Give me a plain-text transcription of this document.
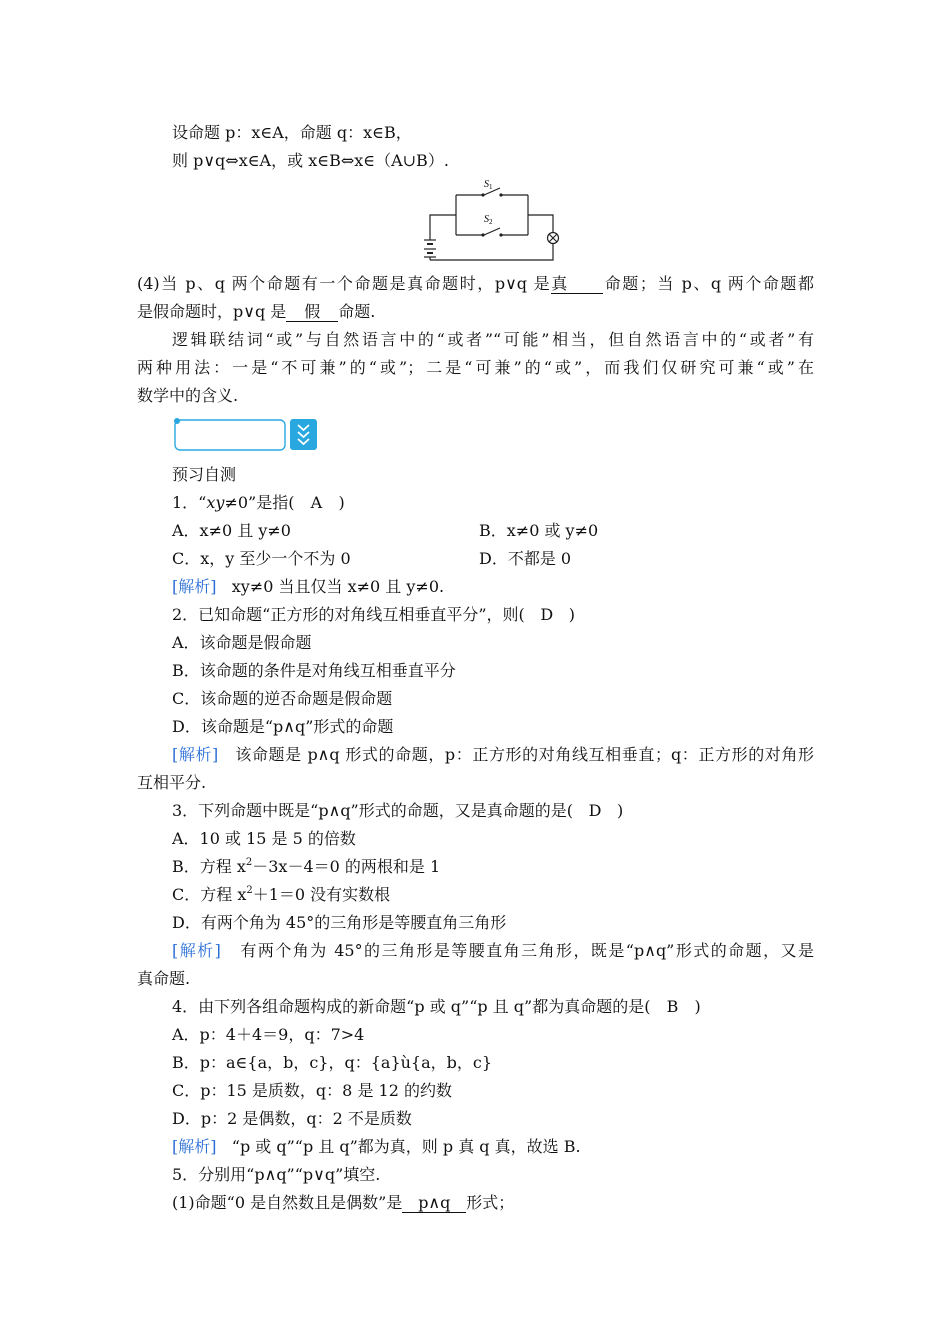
设命题 p：x∈A，命题 q：x∈B，
则 p∨q⇔x∈A，或 x∈B⇔x∈（A∪B）.
$S_1$
$S_2$
(4)当 p、q 两个命题有一个命题是真命题时，p∨q 是真 命题；当 p、q 两个命题都
是假命题时，p∨q 是 假 命题.
逻辑联结词“或”与自然语言中的“或者”“可能”相当，但自然语言中的“或者”有
两种用法：一是“不可兼”的“或”；二是“可兼”的“或”，而我们仅研究可兼“或”在
数学中的含义.
预习自测
1．“xy≠0”是指( A )
A．x≠0 且 y≠0	B．x≠0 或 y≠0
C．x，y 至少一个不为 0	D．不都是 0
[解析] xy≠0 当且仅当 x≠0 且 y≠0.
2．已知命题“正方形的对角线互相垂直平分”，则( D )
A．该命题是假命题
B．该命题的条件是对角线互相垂直平分
C．该命题的逆否命题是假命题
D．该命题是“p∧q”形式的命题
[解析] 该命题是 p∧q 形式的命题，p：正方形的对角线互相垂直；q：正方形的对角形
互相平分.
3．下列命题中既是“p∧q”形式的命题，又是真命题的是( D )
A．10 或 15 是 5 的倍数
B．方程 $x^2-3x-4=0$ 的两根和是 1
C．方程 $x^2+1=0$ 没有实数根
D．有两个角为 45°的三角形是等腰直角三角形
[解析] 有两个角为 45°的三角形是等腰直角三角形，既是“p∧q”形式的命题，又是
真命题.
4．由下列各组命题构成的新命题“p 或 q”“p 且 q”都为真命题的是( B )
A．p：4＋4＝9，q：7>4
B．p：a∈{a，b，c}，q：{a}ù{a，b，c}
C．p：15 是质数，q：8 是 12 的约数
D．p：2 是偶数，q：2 不是质数
[解析] “p 或 q”“p 且 q”都为真，则 p 真 q 真，故选 B.
5．分别用“p∧q”“p∨q”填空.
(1)命题“0 是自然数且是偶数”是 p∧q 形式；
